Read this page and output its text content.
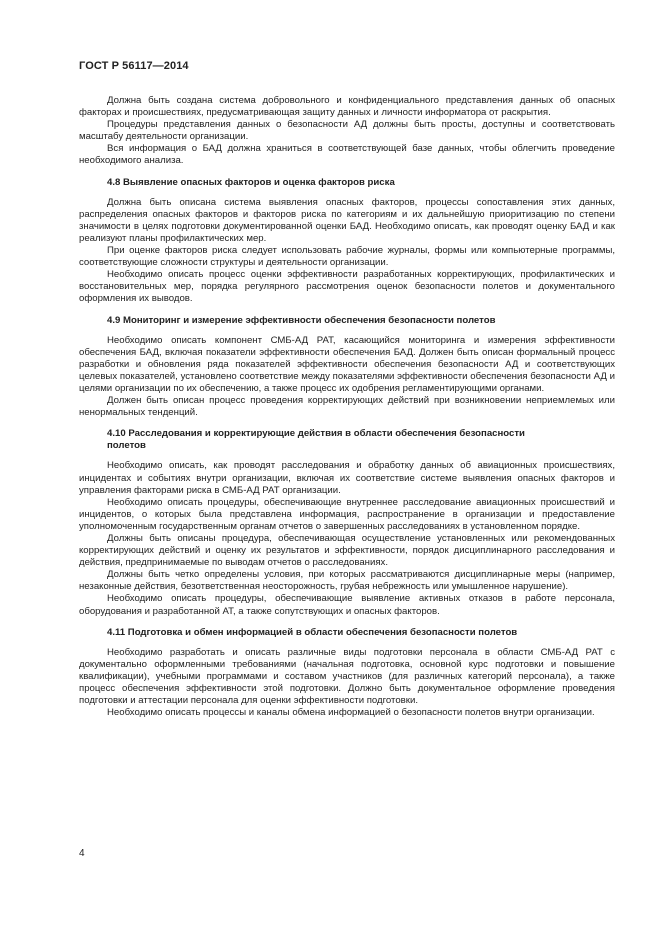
ГОСТ Р 56117—2014

Должна быть создана система добровольного и конфиденциального представления данных об опасных факторах и происшествиях, предусматривающая защиту данных и личности информатора от раскрытия.

Процедуры представления данных о безопасности АД должны быть просты, доступны и соответствовать масштабу деятельности организации.

Вся информация о БАД должна храниться в соответствующей базе данных, чтобы облегчить проведение необходимого анализа.

4.8 Выявление опасных факторов и оценка факторов риска

Должна быть описана система выявления опасных факторов, процессы сопоставления этих данных, распределения опасных факторов и факторов риска по категориям и их дальнейшую приоритизацию по степени значимости в целях подготовки документированной оценки БАД. Необходимо описать, как проводят оценку БАД и как реализуют планы профилактических мер.

При оценке факторов риска следует использовать рабочие журналы, формы или компьютерные программы, соответствующие сложности структуры и деятельности организации.

Необходимо описать процесс оценки эффективности разработанных корректирующих, профилактических и восстановительных мер, порядка регулярного рассмотрения оценок безопасности полетов и документального оформления их выводов.

4.9 Мониторинг и измерение эффективности обеспечения безопасности полетов

Необходимо описать компонент СМБ-АД РАТ, касающийся мониторинга и измерения эффективности обеспечения БАД, включая показатели эффективности обеспечения БАД. Должен быть описан формальный процесс разработки и обновления ряда показателей эффективности обеспечения безопасности АД и соответствующих целевых показателей, установлено соответствие между показателями эффективности обеспечения безопасности АД и целями организации по их обеспечению, а также процесс их одобрения регламентирующими органами.

Должен быть описан процесс проведения корректирующих действий при возникновении неприемлемых или ненормальных тенденций.

4.10 Расследования и корректирующие действия в области обеспечения безопасности
полетов

Необходимо описать, как проводят расследования и обработку данных об авиационных происшествиях, инцидентах и событиях внутри организации, включая их соответствие системе выявления опасных факторов и управления факторами риска в СМБ-АД РАТ организации.

Необходимо описать процедуры, обеспечивающие внутреннее расследование авиационных происшествий и инцидентов, о которых была представлена информация, распространение в организации и предоставление уполномоченным государственным органам отчетов о завершенных расследованиях в установленном порядке.

Должны быть описаны процедура, обеспечивающая осуществление установленных или рекомендованных корректирующих действий и оценку их результатов и эффективности, порядок дисциплинарного расследования и действия, предпринимаемые по выводам отчетов о расследованиях.

Должны быть четко определены условия, при которых рассматриваются дисциплинарные меры (например, незаконные действия, безответственная неосторожность, грубая небрежность или умышленное нарушение).

Необходимо описать процедуры, обеспечивающие выявление активных отказов в работе персонала, оборудования и разработанной АТ, а также сопутствующих и опасных факторов.

4.11 Подготовка и обмен информацией в области обеспечения безопасности полетов

Необходимо разработать и описать различные виды подготовки персонала в области СМБ-АД РАТ с документально оформленными требованиями (начальная подготовка, основной курс подготовки и повышение квалификации), учебными программами и составом участников (для различных категорий персонала), а также процесс обеспечения эффективности этой подготовки. Должно быть документальное оформление проведения подготовки и аттестации персонала для оценки эффективности подготовки.

Необходимо описать процессы и каналы обмена информацией о безопасности полетов внутри организации.

4
